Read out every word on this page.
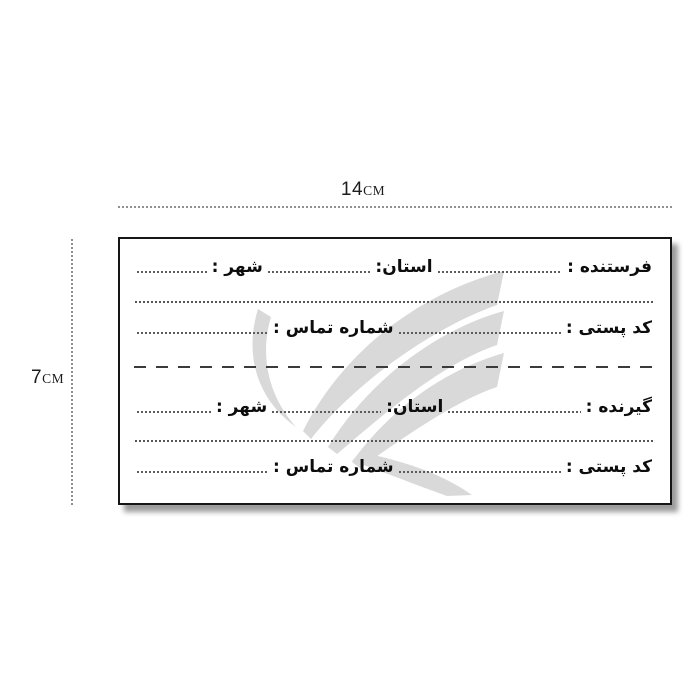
14CM
7CM
فرستنده :
استان:
شهر :
کد پستی :
شماره تماس :
گیرنده :
استان:
شهر :
کد پستی :
شماره تماس :
